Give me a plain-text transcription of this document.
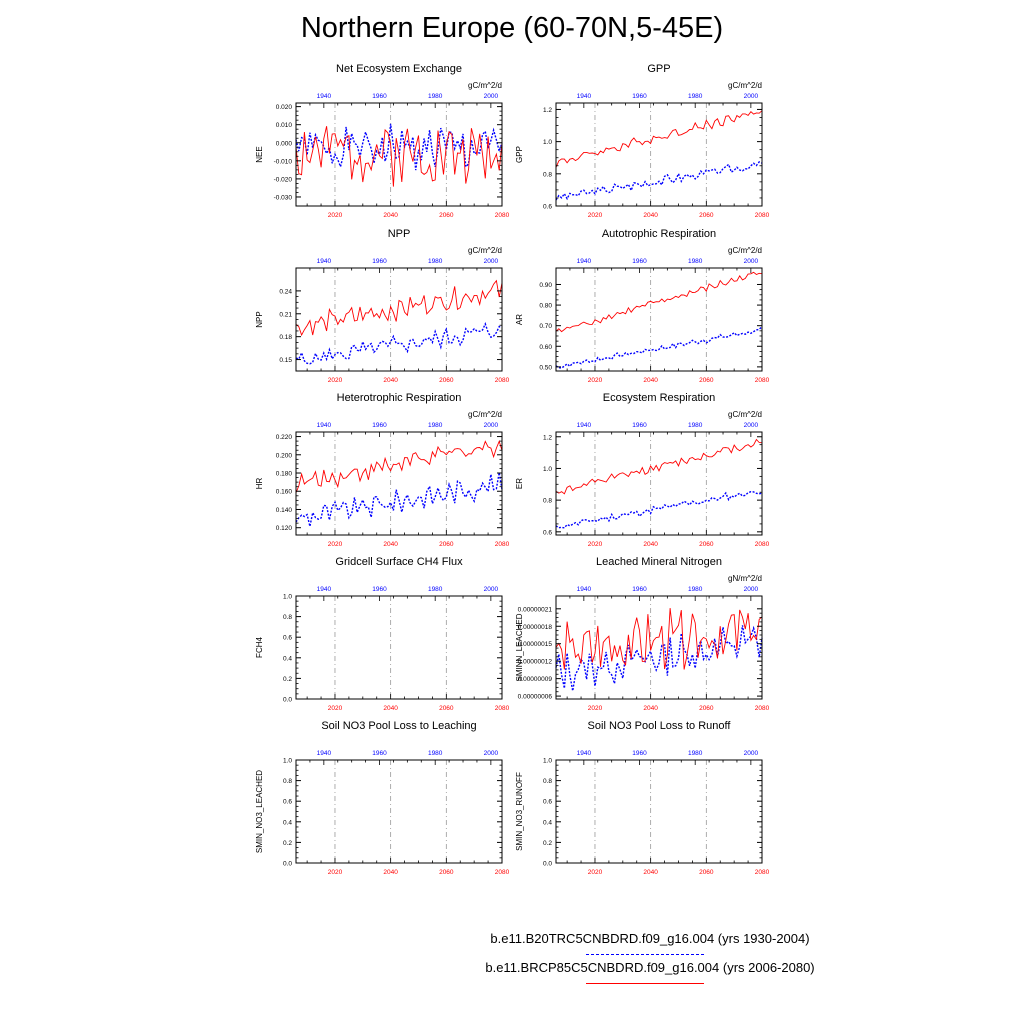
Northern Europe (60-70N,5-45E)
Net Ecosystem Exchange
gC/m^2/d
NEE
0.020
0.010
0.000
-0.010
-0.020
-0.030
2020	2040	2060	2080
1940	1960	1980	2000
GPP
gC/m^2/d
GPP
0.6
0.8
1.0
1.2
2020	2040	2060	2080
1940	1960	1980	2000
NPP
gC/m^2/d
NPP
0.15
0.18
0.21
0.24
2020	2040	2060	2080
1940	1960	1980	2000
Autotrophic Respiration
gC/m^2/d
AR
0.50
0.60
0.70
0.80
0.90
2020	2040	2060	2080
1940	1960	1980	2000
Heterotrophic Respiration
gC/m^2/d
HR
0.120
0.140
0.160
0.180
0.200
0.220
2020	2040	2060	2080
1940	1960	1980	2000
Ecosystem Respiration
gC/m^2/d
ER
0.6
0.8
1.0
1.2
2020	2040	2060	2080
1940	1960	1980	2000
Gridcell Surface CH4 Flux
FCH4
0.0
0.2
0.4
0.6
0.8
1.0
2020	2040	2060	2080
1940	1960	1980	2000
Leached Mineral Nitrogen
gN/m^2/d
SMINN_LEACHED
0.00000006
0.00000009
0.00000012
0.00000015
0.00000018
0.00000021
2020	2040	2060	2080
1940	1960	1980	2000
Soil NO3 Pool Loss to Leaching
SMIN_NO3_LEACHED
0.0
0.2
0.4
0.6
0.8
1.0
2020	2040	2060	2080
1940	1960	1980	2000
Soil NO3 Pool Loss to Runoff
SMIN_NO3_RUNOFF
0.0
0.2
0.4
0.6
0.8
1.0
2020	2040	2060	2080
1940	1960	1980	2000
b.e11.B20TRC5CNBDRD.f09_g16.004 (yrs 1930-2004)
b.e11.BRCP85C5CNBDRD.f09_g16.004 (yrs 2006-2080)
